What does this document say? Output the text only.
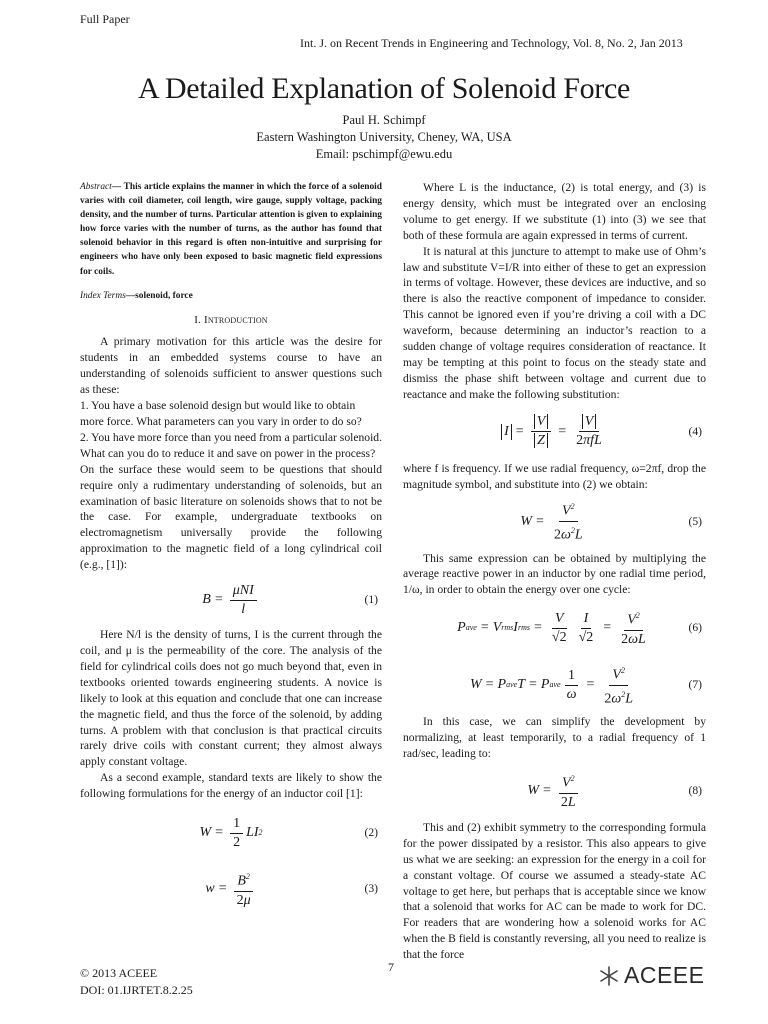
Full Paper
Int. J. on Recent Trends in Engineering and Technology, Vol. 8, No. 2, Jan 2013
A Detailed Explanation of Solenoid Force
Paul H. Schimpf
Eastern Washington University, Cheney, WA, USA
Email: pschimpf@ewu.edu

Abstract— This article explains the manner in which the force of a solenoid varies with coil diameter, coil length, wire gauge, supply voltage, packing density, and the number of turns. Particular attention is given to explaining how force varies with the number of turns, as the author has found that solenoid behavior in this regard is often non-intuitive and surprising for engineers who have only been exposed to basic magnetic field expressions for coils.

Index Terms—solenoid, force

I. Introduction

A primary motivation for this article was the desire for students in an embedded systems course to have an understanding of solenoids sufficient to answer questions such as these:

1. You have a base solenoid design but would like to obtain more force. What parameters can you vary in order to do so?

2. You have more force than you need from a particular solenoid. What can you do to reduce it and save on power in the process?

On the surface these would seem to be questions that should require only a rudimentary understanding of solenoids, but an examination of basic literature on solenoids shows that to not be the case. For example, undergraduate textbooks on electromagnetism universally provide the following approximation to the magnetic field of a long cylindrical coil (e.g., [1]):

$B = \frac{\text{μNI}}{l}$	(1)

Here N/l is the density of turns, I is the current through the coil, and μ is the permeability of the core. The analysis of the field for cylindrical coils does not go much beyond that, even in textbooks oriented towards engineering students. A novice is likely to look at this equation and conclude that one can increase the magnetic field, and thus the force of the solenoid, by adding turns. A problem with that conclusion is that practical circuits rarely drive coils with constant current; they almost always apply constant voltage.

As a second example, standard texts are likely to show the following formulations for the energy of an inductor coil [1]:

$W = \frac{1}{2}$ LI 2	(2)
$w = \frac{B^2}{2\mu}$	(3)

Where L is the inductance, (2) is total energy, and (3) is energy density, which must be integrated over an enclosing volume to get energy. If we substitute (1) into (3) we see that both of these formula are again expressed in terms of current.

It is natural at this juncture to attempt to make use of Ohm’s law and substitute V=I/R into either of these to get an expression in terms of voltage. However, these devices are inductive, and so there is also the reactive component of impedance to consider. This cannot be ignored even if you’re driving a coil with a DC waveform, because determining an inductor’s reaction to a sudden change of voltage requires consideration of reactance. It may be tempting at this point to focus on the steady state and dismiss the phase shift between voltage and current due to reactance and make the following substitution:

$I = \frac{V}{Z} = \frac{V}{\text{2πfL}}$	(4)

where f is frequency. If we use radial frequency, ω=2πf, drop the magnitude symbol, and substitute into (2) we obtain:

$W = \frac{V^2}{2\omega^2L}$	(5)

This same expression can be obtained by multiplying the average reactive power in an inductor by one radial time period, 1/ω, in order to obtain the energy over one cycle:

P ave = V rms I rms = $\frac{V}{√2} \frac{I}{√2} = \frac{V^2}{2\omega L}$	(6)
W = P ave T = P ave $\frac{1}{\omega} = \frac{V^2}{2\omega^2L}$	(7)

In this case, we can simplify the development by normalizing, at least temporarily, to a radial frequency of 1 rad/sec, leading to:

$W = \frac{V^2}{2L}$	(8)

This and (2) exhibit symmetry to the corresponding formula for the power dissipated by a resistor. This also appears to give us what we are seeking: an expression for the energy in a coil for a constant voltage. Of course we assumed a steady-state AC voltage to get here, but perhaps that is acceptable since we know that a solenoid that works for AC can be made to work for DC. For readers that are wondering how a solenoid works for AC when the B field is constantly reversing, all you need to realize is that the force

7
© 2013 ACEEE
DOI: 01.IJRTET.8.2.25
ACEEE
